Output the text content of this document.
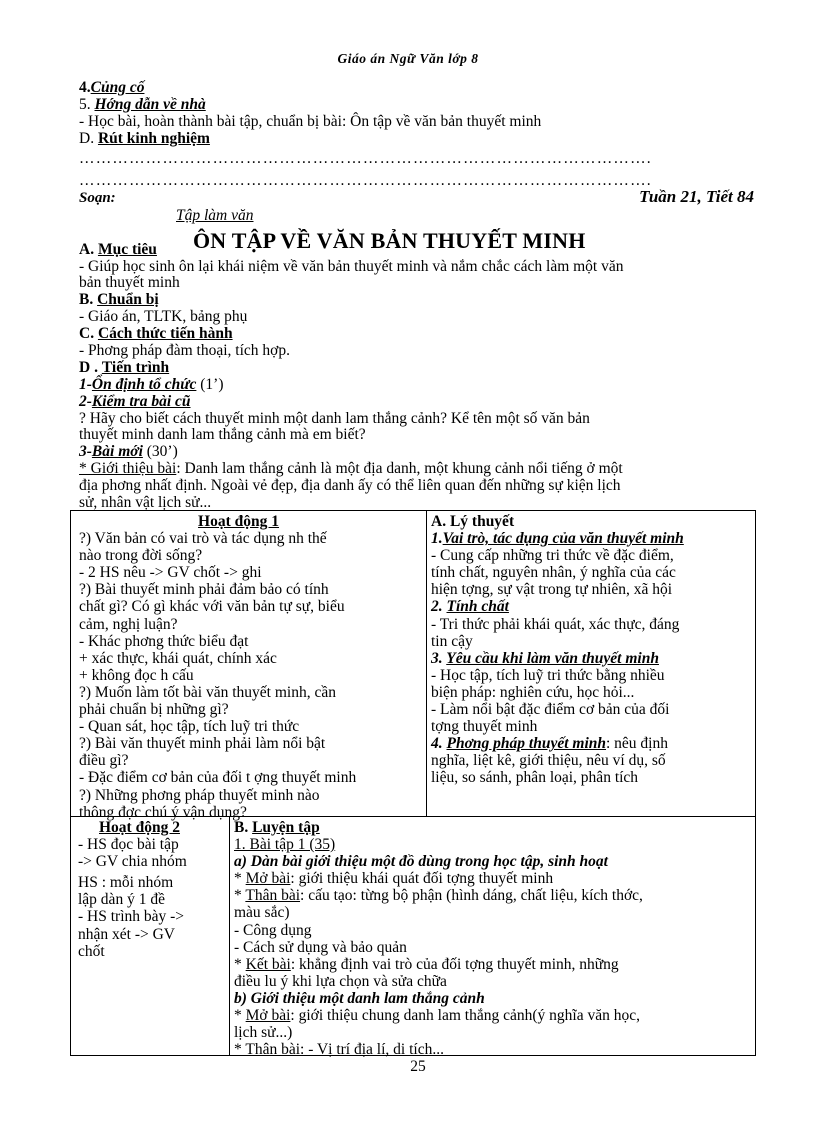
Giáo án Ngữ Văn lớp 8
4.Củng cố
5. Hớng dẫn về nhà
- Học bài, hoàn thành bài tập, chuẩn bị bài: Ôn tập về văn bản thuyết minh
D. Rút kinh nghiệm
………………………………………………………………………………………….
………………………………………………………………………………………….
Soạn:	Tuần 21, Tiết 84
Tập làm văn
ÔN TẬP VỀ VĂN BẢN THUYẾT MINH
A. Mục tiêu
- Giúp học sinh ôn lại khái niệm về văn bản thuyết minh và nắm chắc cách làm một văn
bản thuyết minh
B. Chuẩn bị
- Giáo án, TLTK, bảng phụ
C. Cách thức tiến hành
- Phơng pháp đàm thoại, tích hợp.
D . Tiến trình
1-Ổn định tổ chức (1’)
2-Kiểm tra bài cũ
? Hãy cho biết cách thuyết minh một danh lam thắng cảnh? Kể tên một số văn bản
thuyết minh danh lam thắng cảnh mà em biết?
3-Bài mới (30’)
* Giới thiệu bài: Danh lam thắng cảnh là một địa danh, một khung cảnh nổi tiếng ở một
địa phơng nhất định. Ngoài vẻ đẹp, địa danh ấy có thể liên quan đến những sự kiện lịch
sử, nhân vật lịch sử...
Hoạt động 1
?) Văn bản có vai trò và tác dụng nh thế
nào trong đời sống?
- 2 HS nêu -> GV chốt -> ghi
?) Bài thuyết minh phải đảm bảo có tính
chất gì? Có gì khác với văn bản tự sự, biểu
cảm, nghị luận?
- Khác phơng thức biểu đạt
+ xác thực, khái quát, chính xác
+ không đọc h cấu
?) Muốn làm tốt bài văn thuyết minh, cần
phải chuẩn bị những gì?
- Quan sát, học tập, tích luỹ tri thức
?) Bài văn thuyết minh phải làm nổi bật
điều gì?
- Đặc điểm cơ bản của đối t ợng thuyết minh
?) Những phơng pháp thuyết minh nào
thông đợc chú ý vận dụng?
A. Lý thuyết
1.Vai trò, tác dụng của văn thuyết minh
- Cung cấp những tri thức về đặc điểm,
tính chất, nguyên nhân, ý nghĩa của các
hiện tợng, sự vật trong tự nhiên, xã hội
2. Tính chất
- Tri thức phải khái quát, xác thực, đáng
tin cậy
3. Yêu cầu khi làm văn thuyết minh
- Học tập, tích luỹ tri thức bằng nhiều
biện pháp: nghiên cứu, học hỏi...
- Làm nổi bật đặc điểm cơ bản của đối
tợng thuyết minh
4. Phơng pháp thuyết minh: nêu định
nghĩa, liệt kê, giới thiệu, nêu ví dụ, số
liệu, so sánh, phân loại, phân tích
Hoạt động 2
- HS đọc bài tập
-> GV chia nhóm
HS : mỗi nhóm
lập dàn ý 1 đề
- HS trình bày ->
nhận xét -> GV
chốt
B. Luyện tập
1. Bài tập 1 (35)
a) Dàn bài giới thiệu một đồ dùng trong học tập, sinh hoạt
* Mở bài: giới thiệu khái quát đối tợng thuyết minh
* Thân bài: cấu tạo: từng bộ phận (hình dáng, chất liệu, kích thớc,
màu sắc)
- Công dụng
- Cách sử dụng và bảo quản
* Kết bài: khẳng định vai trò của đối tợng thuyết minh, những
điều lu ý khi lựa chọn và sửa chữa
b) Giới thiệu một danh lam thắng cảnh
* Mở bài: giới thiệu chung danh lam thắng cảnh(ý nghĩa văn học,
lịch sử...)
* Thân bài: - Vị trí địa lí, di tích...
25
